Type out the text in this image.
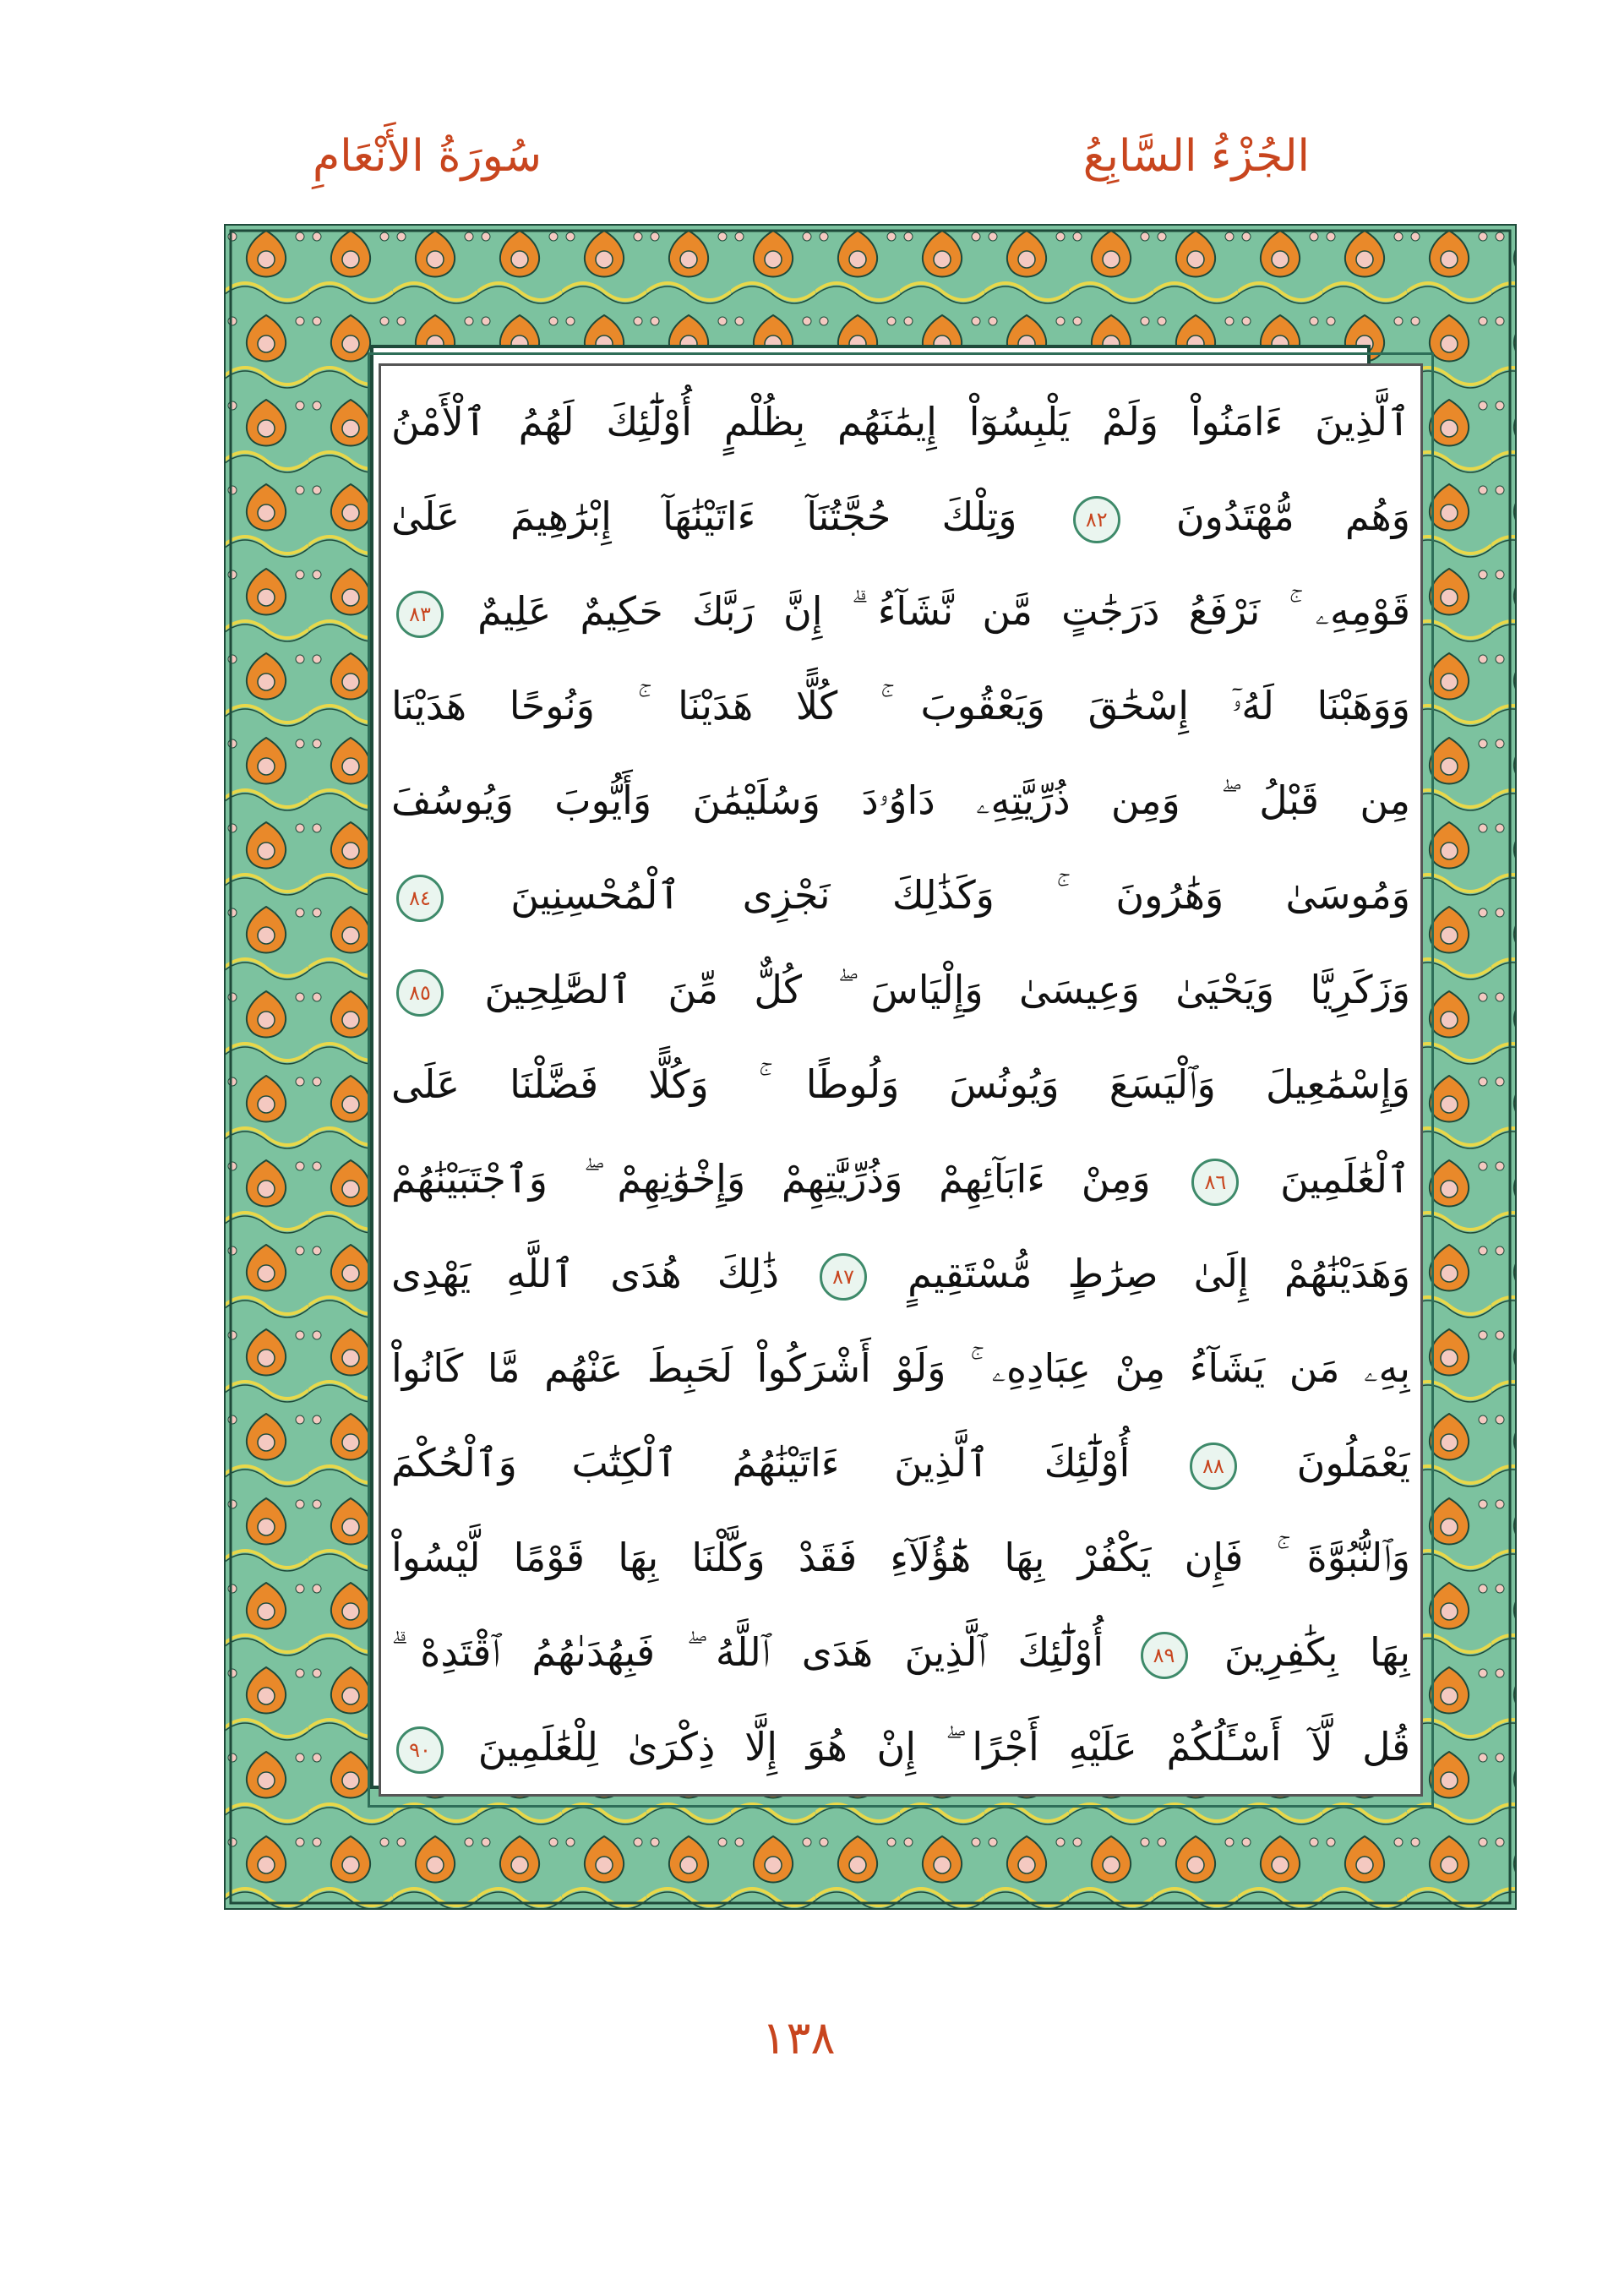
الجُزْءُ السَّابِعُ
سُورَةُ الأَنْعَامِ
ٱلَّذِينَ ءَامَنُواْ وَلَمْ يَلْبِسُوٓاْ إِيمَٰنَهُم بِظُلْمٍ أُوْلَٰٓئِكَ لَهُمُ ٱلْأَمْنُ
وَهُم مُّهْتَدُونَ ٨٢ وَتِلْكَ حُجَّتُنَآ ءَاتَيْنَٰهَآ إِبْرَٰهِيمَ عَلَىٰ
قَوْمِهِۦ ۚ نَرْفَعُ دَرَجَٰتٍ مَّن نَّشَآءُ ۗ إِنَّ رَبَّكَ حَكِيمٌ عَلِيمٌ ٨٣
وَوَهَبْنَا لَهُۥٓ إِسْحَٰقَ وَيَعْقُوبَ ۚ كُلًّا هَدَيْنَا ۚ وَنُوحًا هَدَيْنَا
مِن قَبْلُ ۖ وَمِن ذُرِّيَّتِهِۦ دَاوُۥدَ وَسُلَيْمَٰنَ وَأَيُّوبَ وَيُوسُفَ
وَمُوسَىٰ وَهَٰرُونَ ۚ وَكَذَٰلِكَ نَجْزِى ٱلْمُحْسِنِينَ ٨٤
وَزَكَرِيَّا وَيَحْيَىٰ وَعِيسَىٰ وَإِلْيَاسَ ۖ كُلٌّ مِّنَ ٱلصَّٰلِحِينَ ٨٥
وَإِسْمَٰعِيلَ وَٱلْيَسَعَ وَيُونُسَ وَلُوطًا ۚ وَكُلًّا فَضَّلْنَا عَلَى
ٱلْعَٰلَمِينَ ٨٦ وَمِنْ ءَابَآئِهِمْ وَذُرِّيَّٰتِهِمْ وَإِخْوَٰنِهِمْ ۖ وَٱجْتَبَيْنَٰهُمْ
وَهَدَيْنَٰهُمْ إِلَىٰ صِرَٰطٍ مُّسْتَقِيمٍ ٨٧ ذَٰلِكَ هُدَى ٱللَّهِ يَهْدِى
بِهِۦ مَن يَشَآءُ مِنْ عِبَادِهِۦ ۚ وَلَوْ أَشْرَكُواْ لَحَبِطَ عَنْهُم مَّا كَانُواْ
يَعْمَلُونَ ٨٨ أُوْلَٰٓئِكَ ٱلَّذِينَ ءَاتَيْنَٰهُمُ ٱلْكِتَٰبَ وَٱلْحُكْمَ
وَٱلنُّبُوَّةَ ۚ فَإِن يَكْفُرْ بِهَا هَٰٓؤُلَآءِ فَقَدْ وَكَّلْنَا بِهَا قَوْمًا لَّيْسُواْ
بِهَا بِكَٰفِرِينَ ٨٩ أُوْلَٰٓئِكَ ٱلَّذِينَ هَدَى ٱللَّهُ ۖ فَبِهُدَىٰهُمُ ٱقْتَدِهْ ۗ
قُل لَّآ أَسْـَٔلُكُمْ عَلَيْهِ أَجْرًا ۖ إِنْ هُوَ إِلَّا ذِكْرَىٰ لِلْعَٰلَمِينَ ٩٠
١٣٨
